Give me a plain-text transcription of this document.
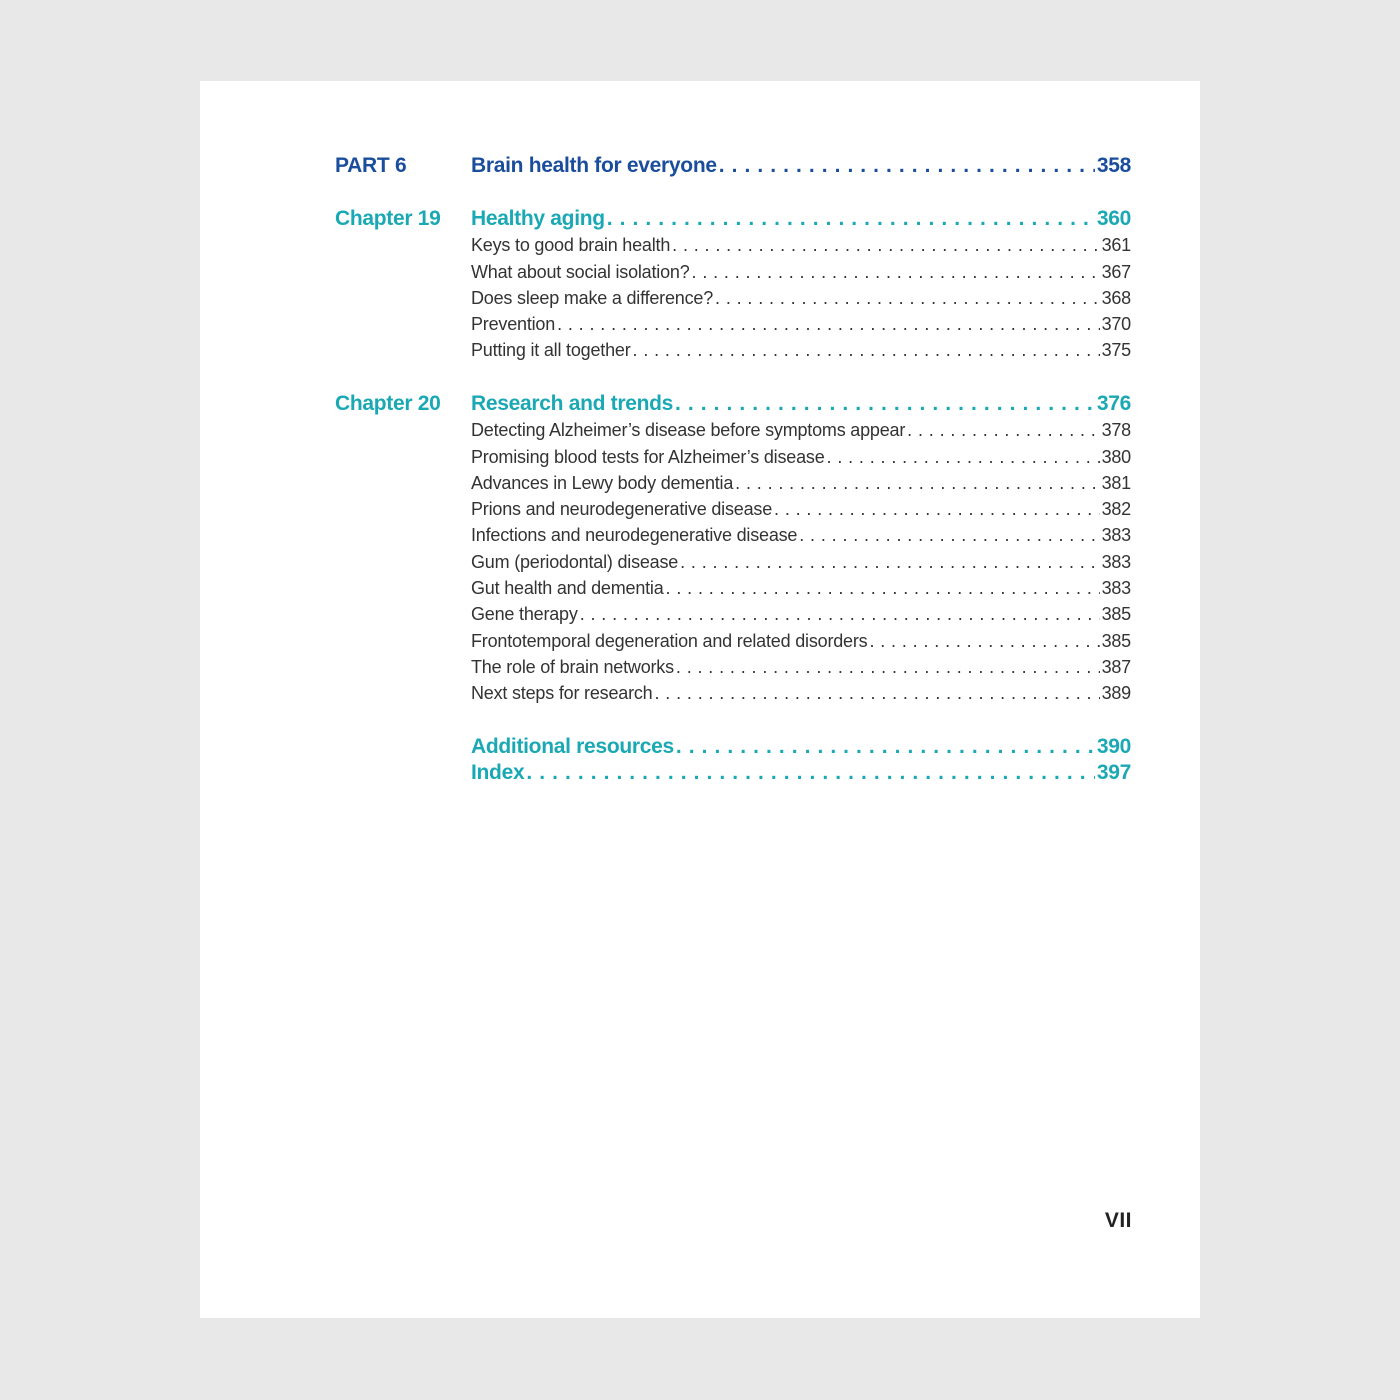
PART 6	Brain health for everyone . . .	358
Chapter 19	Healthy aging . . .	360
Keys to good brain health . . .	361
What about social isolation? . . .	367
Does sleep make a difference? . . .	368
Prevention . . .	370
Putting it all together . . .	375
Chapter 20	Research and trends . . .	376
Detecting Alzheimer’s disease before symptoms appear . . .	378
Promising blood tests for Alzheimer’s disease . . .	380
Advances in Lewy body dementia . . .	381
Prions and neurodegenerative disease . . .	382
Infections and neurodegenerative disease . . .	383
Gum (periodontal) disease . . .	383
Gut health and dementia . . .	383
Gene therapy . . .	385
Frontotemporal degeneration and related disorders . . .	385
The role of brain networks . . .	387
Next steps for research . . .	389
Additional resources . . .	390
Index . . .	397
VII
